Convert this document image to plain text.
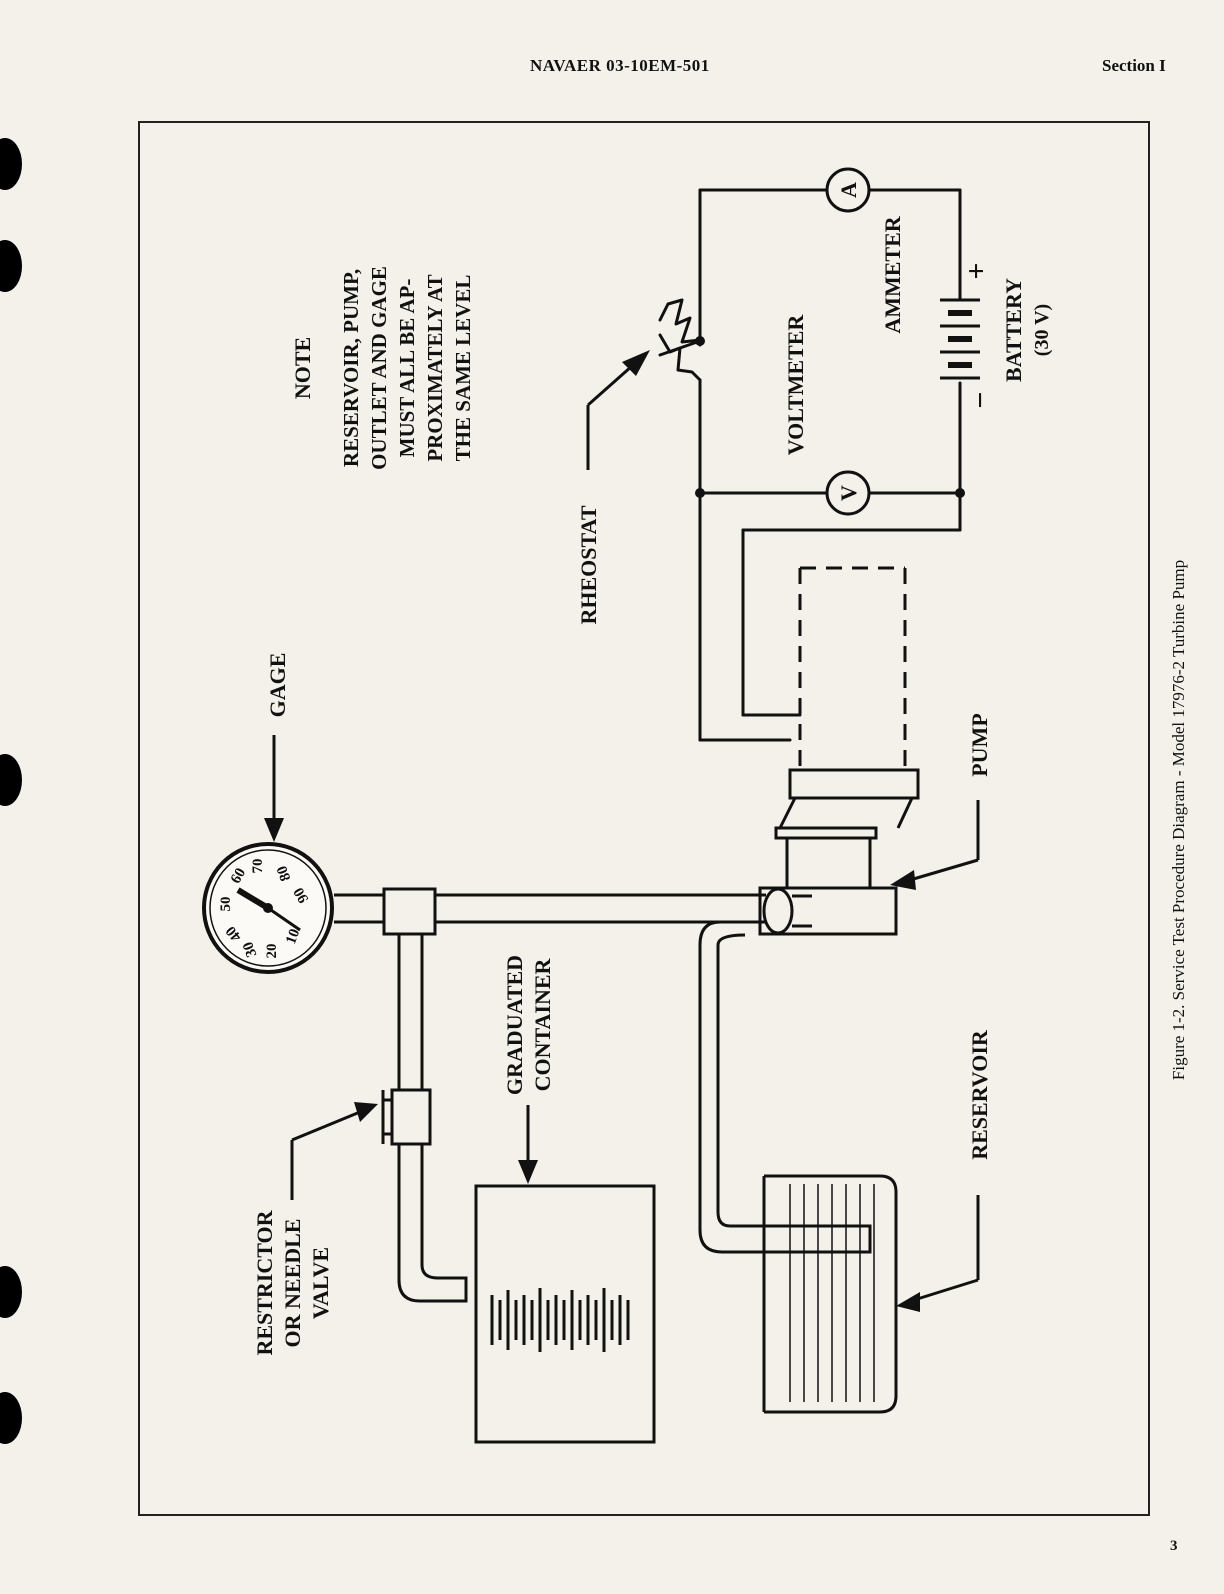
NAVAER 03-10EM-501	Section I
A
V
+
−
AMMETER	BATTERY (30 V)
VOLTMETER
RHEOSTAT
NOTE RESERVOIR, PUMP, OUTLET AND GAGE MUST ALL BE AP- PROXIMATELY AT THE SAME LEVEL
PUMP
10
20
30
40
50
60 70 80
90
GAGE
RESTRICTOR OR NEEDLE VALVE
GRADUATED CONTAINER
RESERVOIR
Figure 1-2. Service Test Procedure Diagram - Model 17976-2 Turbine Pump
3
